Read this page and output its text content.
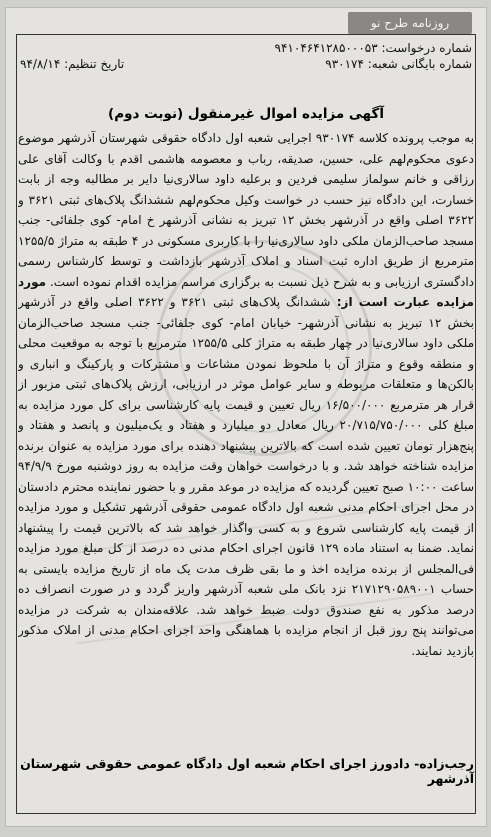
روزنامه طرح نو
شماره درخواست: ۹۴۱۰۴۶۴۱۲۸۵۰۰۰۵۳
شماره بایگانی شعبه: ۹۳۰۱۷۴
تاریخ تنظیم: ۹۴/۸/۱۴
آگهی مزایده اموال غیرمنقول (نوبت دوم)
به موجب پرونده کلاسه ۹۳۰۱۷۴ اجرایی شعبه اول دادگاه حقوقی شهرستان آذرشهر موضوع دعوی محکوم‌لهم علی، حسین، صدیقه، رباب و معصومه هاشمی اقدم با وکالت آقای علی رزاقی و خانم سولماز سلیمی فردین و برعلیه داود سالاری‌نیا دایر بر مطالبه وجه از بابت خسارت، این دادگاه نیز حسب در خواست وکیل محکوم‌لهم ششدانگ پلاک‌های ثبتی ۳۶۲۱ و ۳۶۲۲ اصلی واقع در آذرشهر بخش ۱۲ تبریز به نشانی آذرشهر خ امام- کوی جلفائی- جنب مسجد صاحب‌الزمان ملکی داود سالاری‌نیا را با کاربری مسکونی در ۴ طبقه به متراژ ۱۲۵۵/۵ مترمربع از طریق اداره ثبت اسناد و املاک آذرشهر بازداشت و توسط کارشناس رسمی دادگستری ارزیابی و به شرح ذیل نسبت به برگزاری مراسم مزایده اقدام نموده است. مورد مزایده عبارت است از: ششدانگ پلاک‌های ثبتی ۳۶۲۱ و ۳۶۲۲ اصلی واقع در آذرشهر بخش ۱۲ تبریز به نشانی آذرشهر- خیابان امام- کوی جلفائی- جنب مسجد صاحب‌الزمان ملکی داود سالاری‌نیا در چهار طبقه به متراژ کلی ۱۲۵۵/۵ مترمربع با توجه به موقعیت محلی و منطقه وقوع و متراژ آن با ملحوظ نمودن مشاعات و مشترکات و پارکینگ و انباری و بالکن‌ها و متعلقات مربوطه و سایر عوامل موثر در ارزیابی، ارزش پلاک‌های ثبتی مزبور از قرار هر مترمربع ۱۶/۵۰۰/۰۰۰ ریال تعیین و قیمت پایه کارشناسی برای کل مورد مزایده به مبلغ کلی ۲۰/۷۱۵/۷۵۰/۰۰۰ ریال معادل دو میلیارد و هفتاد و یک‌میلیون و پانصد و هفتاد و پنج‌هزار تومان تعیین شده است که بالاترین پیشنهاد دهنده برای مورد مزایده به عنوان برنده مزایده شناخته خواهد شد. و با درخواست خواهان وقت مزایده به روز دوشنبه مورخ ۹۴/۹/۹ ساعت ۱۰:۰۰ صبح تعیین گردیده که مزایده در موعد مقرر و با حضور نماینده محترم دادستان در محل اجرای احکام مدنی شعبه اول دادگاه عمومی حقوقی آذرشهر تشکیل و مورد مزایده از قیمت پایه کارشناسی شروع و به کسی واگذار خواهد شد که بالاترین قیمت را پیشنهاد نماید. ضمنا به استناد ماده ۱۲۹ قانون اجرای احکام مدنی ده درصد از کل مبلغ مورد مزایده فی‌المجلس از برنده مزایده اخذ و ما بقی ظرف مدت یک ماه از تاریخ مزایده بایستی به حساب ۲۱۷۱۲۹۰۵۸۹۰۰۱ نزد بانک ملی شعبه آذرشهر واریز گردد و در صورت انصراف ده درصد مذکور به نفع صندوق دولت ضبط خواهد شد. علاقه‌مندان به شرکت در مزایده می‌توانند پنج روز قبل از انجام مزایده با هماهنگی واحد اجرای احکام مدنی از املاک مذکور بازدید نمایند.
رجب‌زاده- دادورز اجرای احکام شعبه اول دادگاه عمومی حقوقی شهرستان آذرشهر
